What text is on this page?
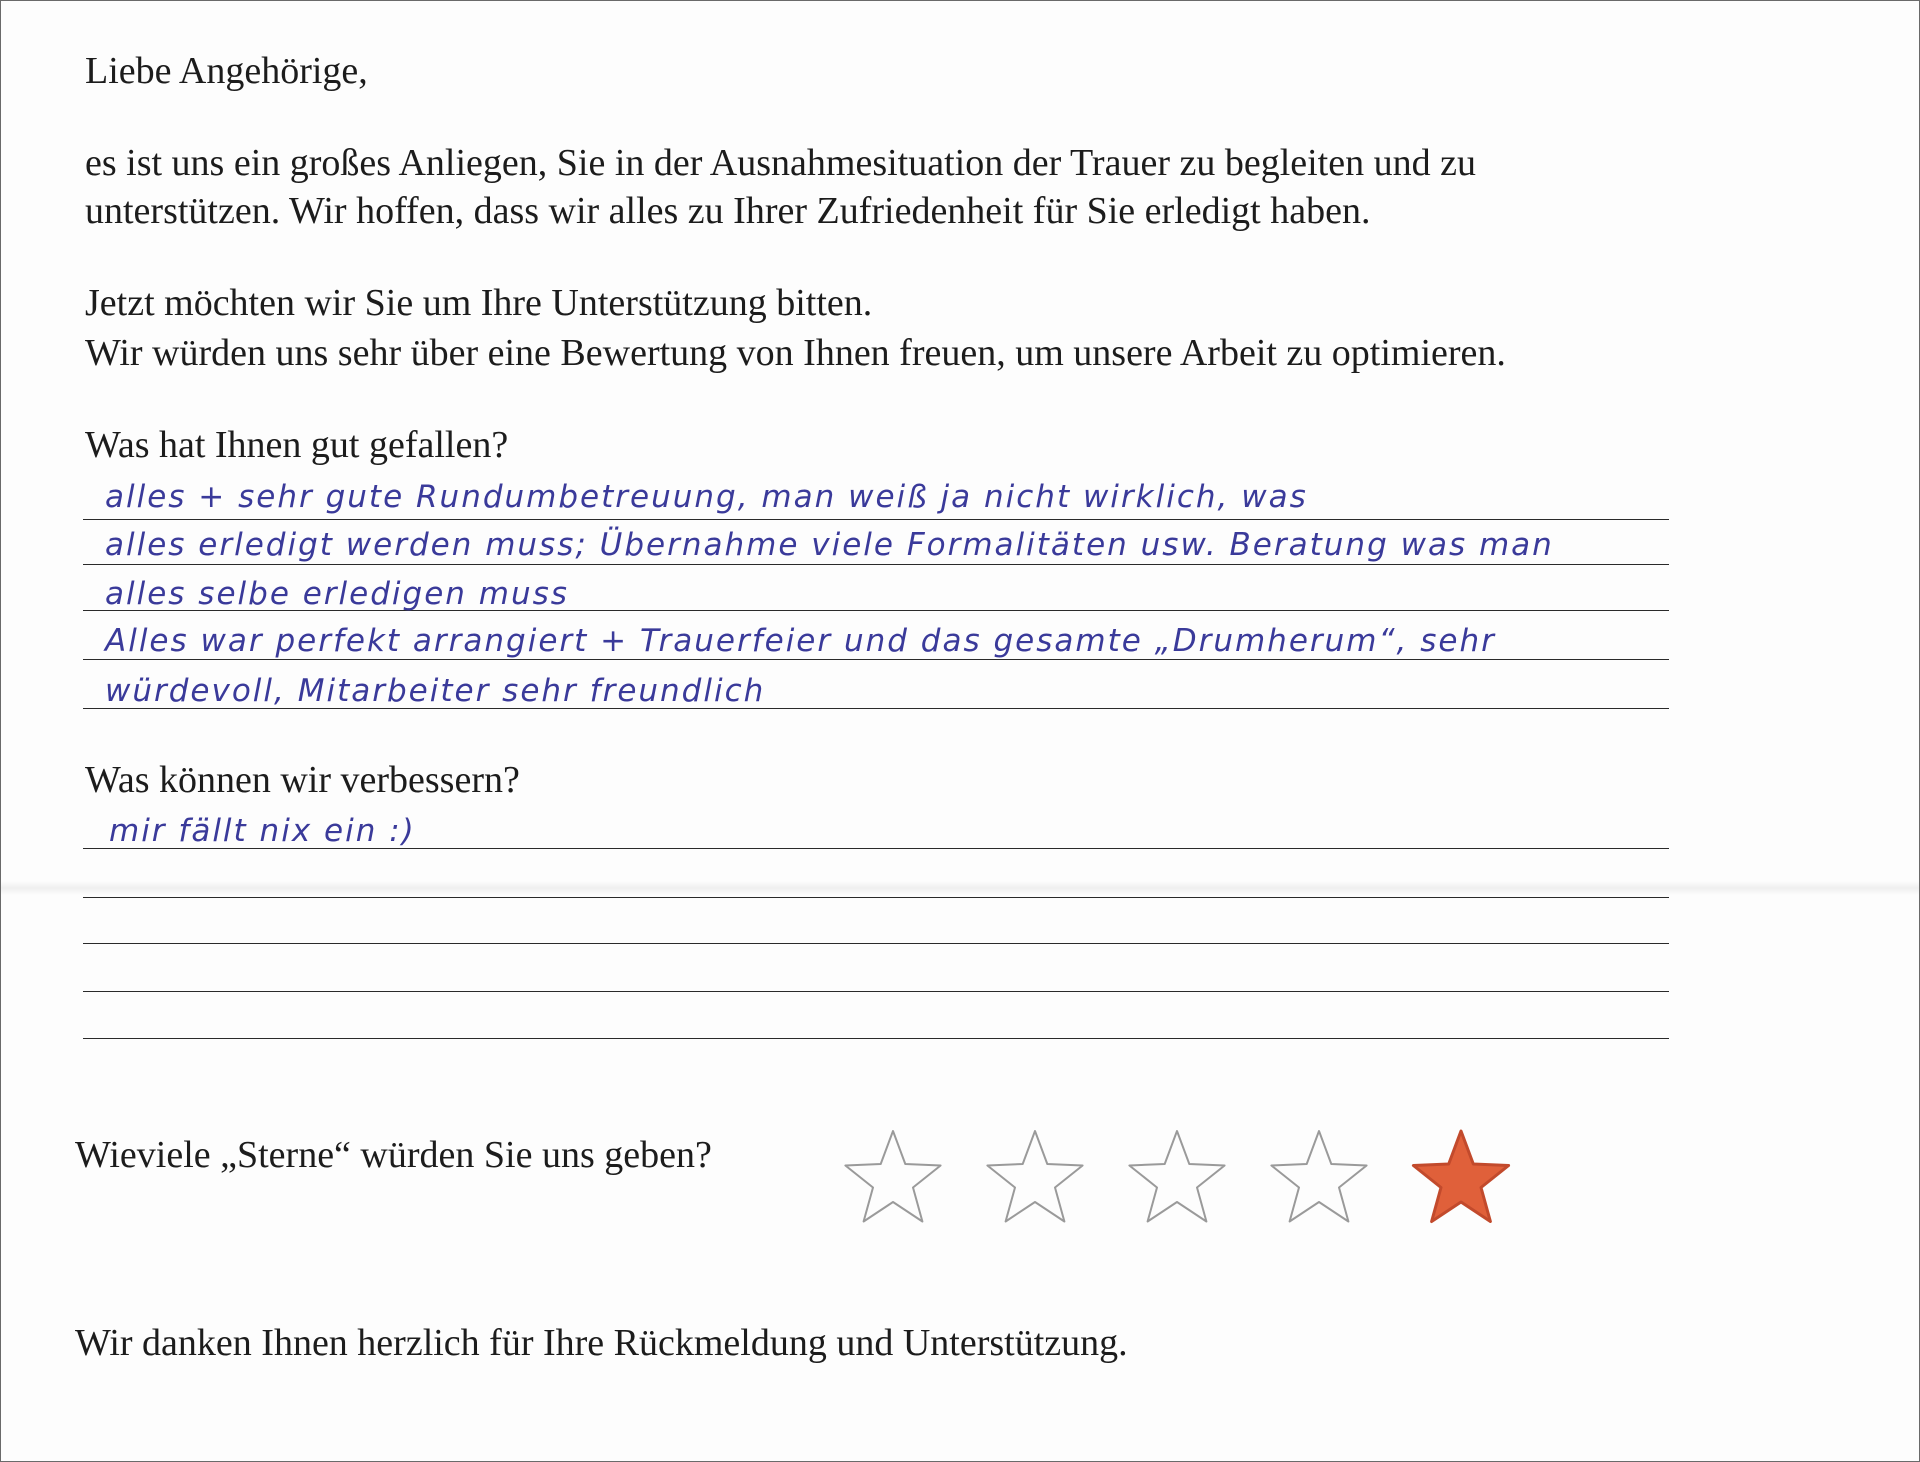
Liebe Angehörige,

es ist uns ein großes Anliegen, Sie in der Ausnahmesituation der Trauer zu begleiten und zu

unterstützen. Wir hoffen, dass wir alles zu Ihrer Zufriedenheit für Sie erledigt haben.

Jetzt möchten wir Sie um Ihre Unterstützung bitten.

Wir würden uns sehr über eine Bewertung von Ihnen freuen, um unsere Arbeit zu optimieren.

Was hat Ihnen gut gefallen?

alles + sehr gute Rundumbetreuung, man weiß ja nicht wirklich, was

alles erledigt werden muss; Übernahme viele Formalitäten usw. Beratung was man

alles selbe erledigen muss

Alles war perfekt arrangiert + Trauerfeier und das gesamte „Drumherum“, sehr

würdevoll, Mitarbeiter sehr freundlich

Was können wir verbessern?

mir fällt nix ein :)

Wieviele „Sterne“ würden Sie uns geben?

Wir danken Ihnen herzlich für Ihre Rückmeldung und Unterstützung.
